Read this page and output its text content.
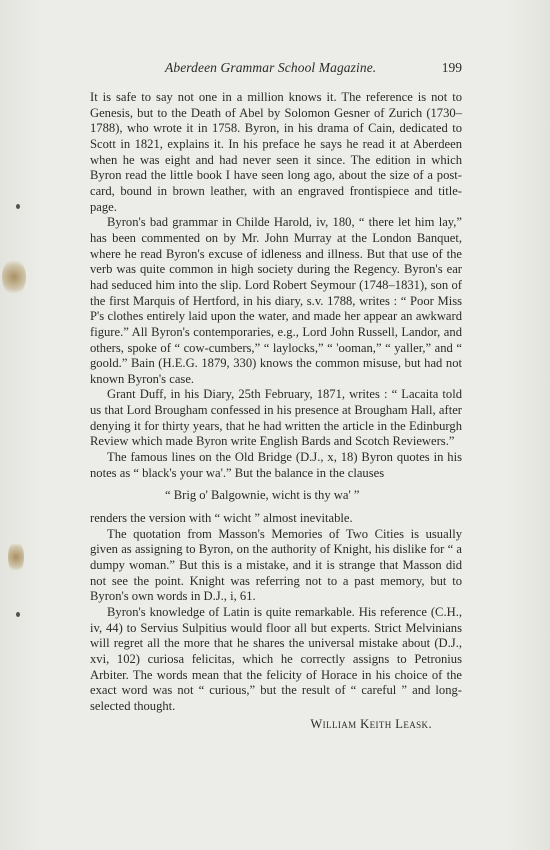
Aberdeen Grammar School Magazine.	199

It is safe to say not one in a million knows it. The reference is not to Genesis, but to the Death of Abel by Solomon Gesner of Zurich (1730–1788), who wrote it in 1758. Byron, in his drama of Cain, dedicated to Scott in 1821, explains it. In his preface he says he read it at Aberdeen when he was eight and had never seen it since. The edition in which Byron read the little book I have seen long ago, about the size of a post-card, bound in brown leather, with an engraved frontispiece and title-page.

Byron's bad grammar in Childe Harold, iv, 180, “ there let him lay,” has been commented on by Mr. John Murray at the London Banquet, where he read Byron's excuse of idleness and illness. But that use of the verb was quite common in high society during the Regency. Byron's ear had seduced him into the slip. Lord Robert Seymour (1748–1831), son of the first Marquis of Hertford, in his diary, s.v. 1788, writes : “ Poor Miss P's clothes entirely laid upon the water, and made her appear an awkward figure.” All Byron's contemporaries, e.g., Lord John Russell, Landor, and others, spoke of “ cow-cumbers,” “ laylocks,” “ 'ooman,” “ yaller,” and “ goold.” Bain (H.E.G. 1879, 330) knows the common misuse, but had not known Byron's case.

Grant Duff, in his Diary, 25th February, 1871, writes : “ Lacaita told us that Lord Brougham confessed in his presence at Brougham Hall, after denying it for thirty years, that he had written the article in the Edinburgh Review which made Byron write English Bards and Scotch Reviewers.”

The famous lines on the Old Bridge (D.J., x, 18) Byron quotes in his notes as “ black's your wa'.” But the balance in the clauses

“ Brig o' Balgownie, wicht is thy wa' ”

renders the version with “ wicht ” almost inevitable.

The quotation from Masson's Memories of Two Cities is usually given as assigning to Byron, on the authority of Knight, his dislike for “ a dumpy woman.” But this is a mistake, and it is strange that Masson did not see the point. Knight was referring not to a past memory, but to Byron's own words in D.J., i, 61.

Byron's knowledge of Latin is quite remarkable. His reference (C.H., iv, 44) to Servius Sulpitius would floor all but experts. Strict Melvinians will regret all the more that he shares the universal mistake about (D.J., xvi, 102) curiosa felicitas, which he correctly assigns to Petronius Arbiter. The words mean that the felicity of Horace in his choice of the exact word was not “ curious,” but the result of “ careful ” and long-selected thought.

William Keith Leask.
